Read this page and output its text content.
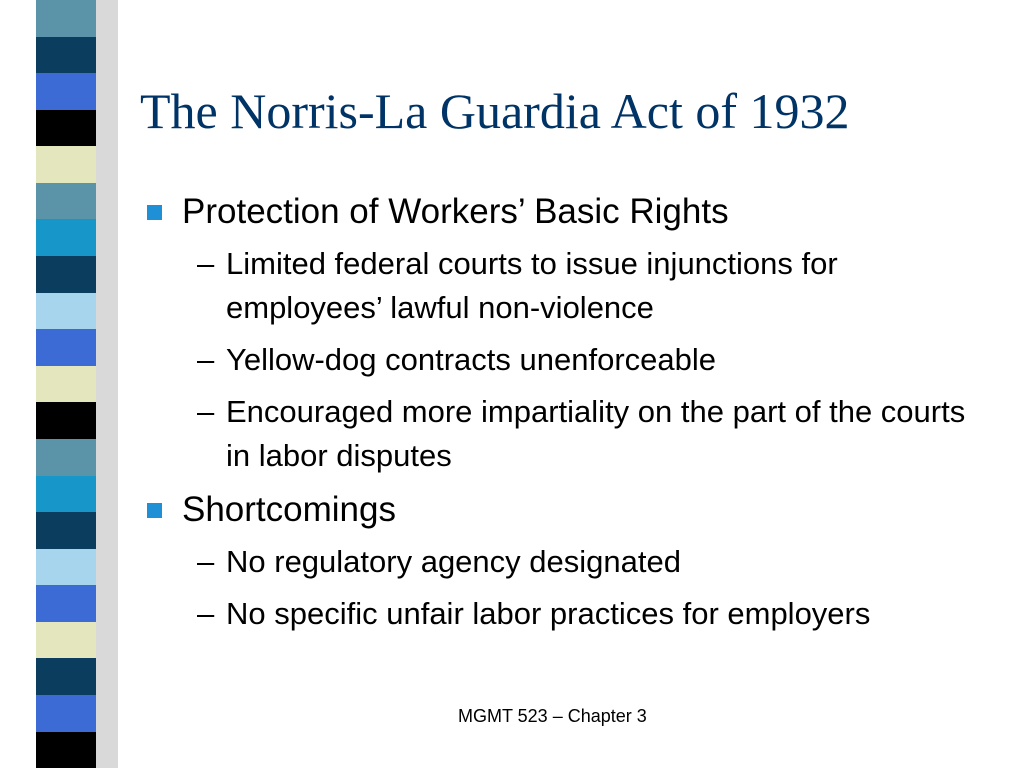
The Norris-La Guardia Act of 1932
Protection of Workers’ Basic Rights
– Limited federal courts to issue injunctions for employees’ lawful non-violence
– Yellow-dog contracts unenforceable
– Encouraged more impartiality on the part of the courts in labor disputes
Shortcomings
– No regulatory agency designated
– No specific unfair labor practices for employers
MGMT 523 – Chapter 3
